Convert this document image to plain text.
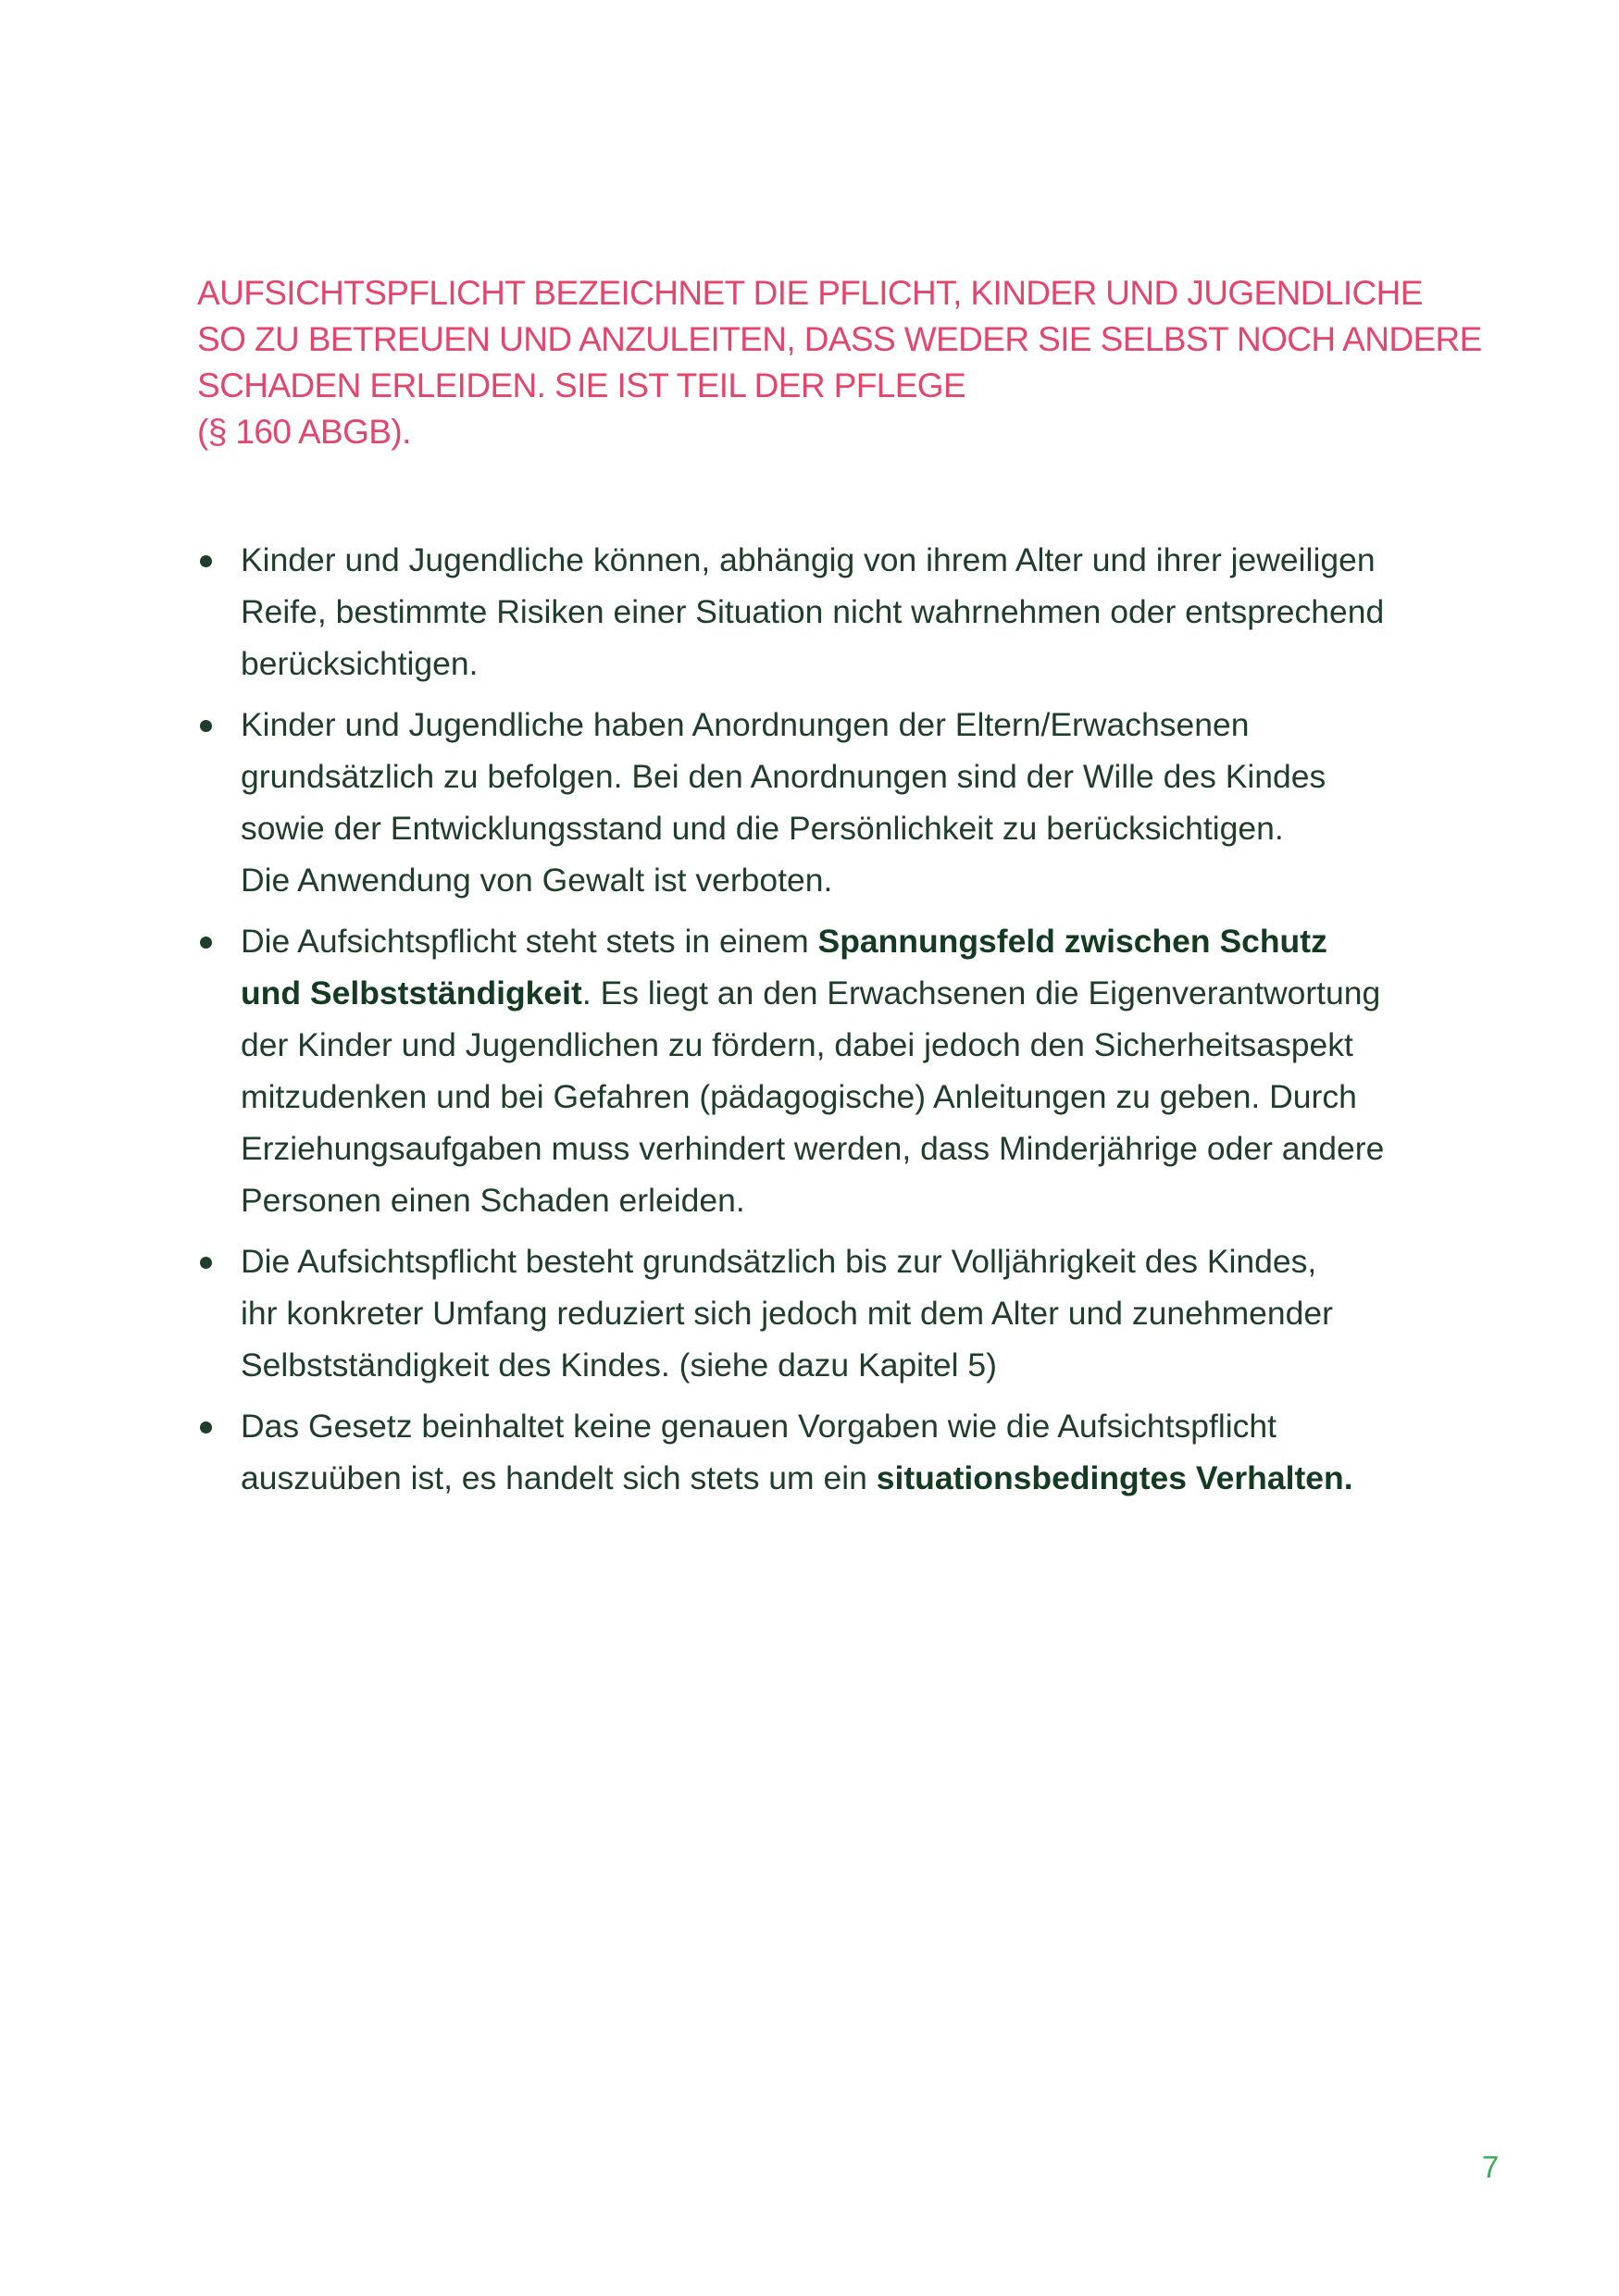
AUFSICHTSPFLICHT BEZEICHNET DIE PFLICHT, KINDER UND JUGENDLICHE
SO ZU BETREUEN UND ANZULEITEN, DASS WEDER SIE SELBST NOCH ANDERE
SCHADEN ERLEIDEN. SIE IST TEIL DER PFLEGE
(§ 160 ABGB).
Kinder und Jugendliche können, abhängig von ihrem Alter und ihrer jeweiligen
Reife, bestimmte Risiken einer Situation nicht wahrnehmen oder entsprechend
berücksichtigen.
Kinder und Jugendliche haben Anordnungen der Eltern/Erwachsenen
grundsätzlich zu befolgen. Bei den Anordnungen sind der Wille des Kindes
sowie der Entwicklungsstand und die Persönlichkeit zu berücksichtigen.
Die Anwendung von Gewalt ist verboten.
Die Aufsichtspflicht steht stets in einem Spannungsfeld zwischen Schutz
und Selbstständigkeit. Es liegt an den Erwachsenen die Eigenverantwortung
der Kinder und Jugendlichen zu fördern, dabei jedoch den Sicherheitsaspekt
mitzudenken und bei Gefahren (pädagogische) Anleitungen zu geben. Durch
Erziehungsaufgaben muss verhindert werden, dass Minderjährige oder andere
Personen einen Schaden erleiden.
Die Aufsichtspflicht besteht grundsätzlich bis zur Volljährigkeit des Kindes,
ihr konkreter Umfang reduziert sich jedoch mit dem Alter und zunehmender
Selbstständigkeit des Kindes. (siehe dazu Kapitel 5)
Das Gesetz beinhaltet keine genauen Vorgaben wie die Aufsichtspflicht
auszuüben ist, es handelt sich stets um ein situationsbedingtes Verhalten.
7
